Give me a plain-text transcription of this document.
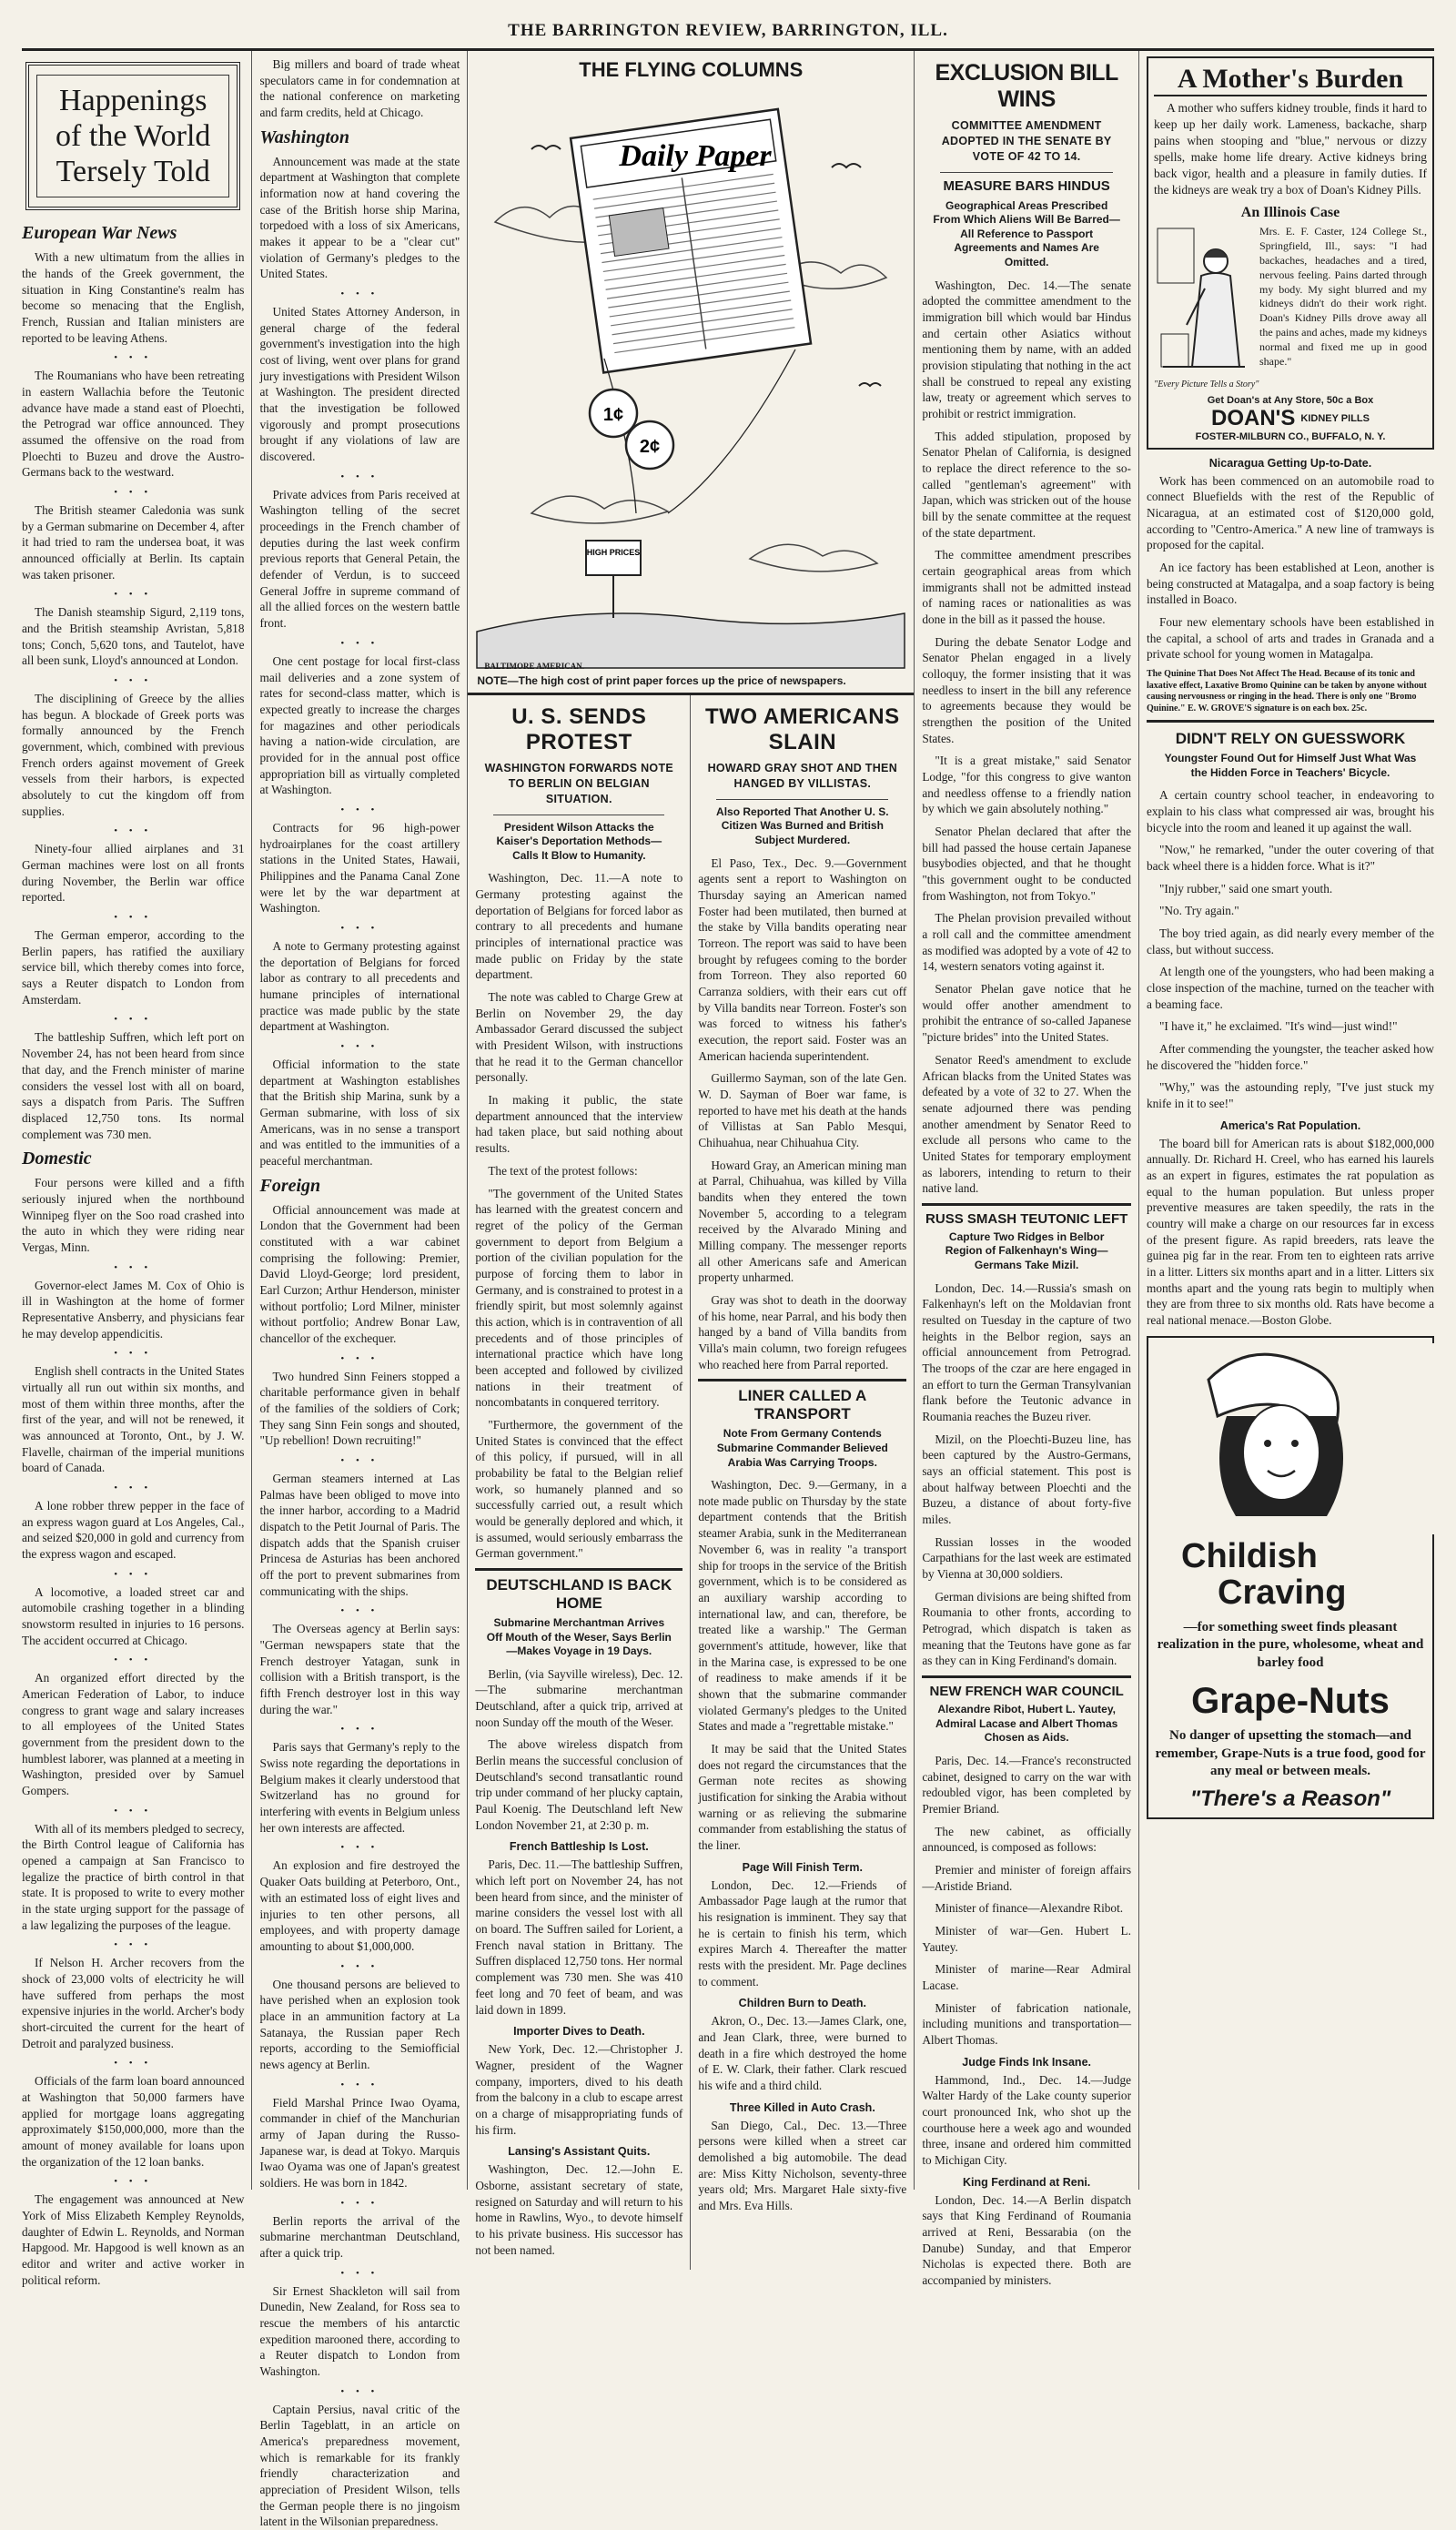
THE BARRINGTON REVIEW, BARRINGTON, ILL.
Happenings
of the World
Tersely Told
European War News

With a new ultimatum from the allies in the hands of the Greek government, the situation in King Constantine's realm has become so menacing that the English, French, Russian and Italian ministers are reported to be leaving Athens.

• • •

The Roumanians who have been retreating in eastern Wallachia before the Teutonic advance have made a stand east of Ploechti, the Petrograd war office announced. They assumed the offensive on the road from Ploechti to Buzeu and drove the Austro-Germans back to the westward.

• • •

The British steamer Caledonia was sunk by a German submarine on December 4, after it had tried to ram the undersea boat, it was announced officially at Berlin. Its captain was taken prisoner.

• • •

The Danish steamship Sigurd, 2,119 tons, and the British steamship Avristan, 5,818 tons; Conch, 5,620 tons, and Tautelot, have all been sunk, Lloyd's announced at London.

• • •

The disciplining of Greece by the allies has begun. A blockade of Greek ports was formally announced by the French government, which, combined with previous French orders against movement of Greek vessels from their harbors, is expected absolutely to cut the kingdom off from supplies.

• • •

Ninety-four allied airplanes and 31 German machines were lost on all fronts during November, the Berlin war office reported.

• • •

The German emperor, according to the Berlin papers, has ratified the auxiliary service bill, which thereby comes into force, says a Reuter dispatch to London from Amsterdam.

• • •

The battleship Suffren, which left port on November 24, has not been heard from since that day, and the French minister of marine considers the vessel lost with all on board, says a dispatch from Paris. The Suffren displaced 12,750 tons. Its normal complement was 730 men.

Domestic

Four persons were killed and a fifth seriously injured when the northbound Winnipeg flyer on the Soo road crashed into the auto in which they were riding near Vergas, Minn.

• • •

Governor-elect James M. Cox of Ohio is ill in Washington at the home of former Representative Ansberry, and physicians fear he may develop appendicitis.

• • •

English shell contracts in the United States virtually all run out within six months, and most of them within three months, after the first of the year, and will not be renewed, it was announced at Toronto, Ont., by J. W. Flavelle, chairman of the imperial munitions board of Canada.

• • •

A lone robber threw pepper in the face of an express wagon guard at Los Angeles, Cal., and seized $20,000 in gold and currency from the express wagon and escaped.

• • •

A locomotive, a loaded street car and automobile crashing together in a blinding snowstorm resulted in injuries to 16 persons. The accident occurred at Chicago.

• • •

An organized effort directed by the American Federation of Labor, to induce congress to grant wage and salary increases to all employees of the United States government from the president down to the humblest laborer, was planned at a meeting in Washington, presided over by Samuel Gompers.

• • •

With all of its members pledged to secrecy, the Birth Control league of California has opened a campaign at San Francisco to legalize the practice of birth control in that state. It is proposed to write to every mother in the state urging support for the passage of a law legalizing the purposes of the league.

• • •

If Nelson H. Archer recovers from the shock of 23,000 volts of electricity he will have suffered from perhaps the most expensive injuries in the world. Archer's body short-circuited the current for the heart of Detroit and paralyzed business.

• • •

Officials of the farm loan board announced at Washington that 50,000 farmers have applied for mortgage loans aggregating approximately $150,000,000, more than the amount of money available for loans upon the organization of the 12 loan banks.

• • •

The engagement was announced at New York of Miss Elizabeth Kempley Reynolds, daughter of Edwin L. Reynolds, and Norman Hapgood. Mr. Hapgood is well known as an editor and writer and active worker in political reform.

Big millers and board of trade wheat speculators came in for condemnation at the national conference on marketing and farm credits, held at Chicago.

Washington

Announcement was made at the state department at Washington that complete information now at hand covering the case of the British horse ship Marina, torpedoed with a loss of six Americans, makes it appear to be a "clear cut" violation of Germany's pledges to the United States.

• • •

United States Attorney Anderson, in general charge of the federal government's investigation into the high cost of living, went over plans for grand jury investigations with President Wilson at Washington. The president directed that the investigation be followed vigorously and prompt prosecutions brought if any violations of law are discovered.

• • •

Private advices from Paris received at Washington telling of the secret proceedings in the French chamber of deputies during the last week confirm previous reports that General Petain, the defender of Verdun, is to succeed General Joffre in supreme command of all the allied forces on the western battle front.

• • •

One cent postage for local first-class mail deliveries and a zone system of rates for second-class matter, which is expected greatly to increase the charges for magazines and other periodicals having a nation-wide circulation, are provided for in the annual post office appropriation bill as virtually completed at Washington.

• • •

Contracts for 96 high-power hydroairplanes for the coast artillery stations in the United States, Hawaii, Philippines and the Panama Canal Zone were let by the war department at Washington.

• • •

A note to Germany protesting against the deportation of Belgians for forced labor as contrary to all precedents and humane principles of international practice was made public by the state department at Washington.

• • •

Official information to the state department at Washington establishes that the British ship Marina, sunk by a German submarine, with loss of six Americans, was in no sense a transport and was entitled to the immunities of a peaceful merchantman.

Foreign

Official announcement was made at London that the Government had been constituted with a war cabinet comprising the following: Premier, David Lloyd-George; lord president, Earl Curzon; Arthur Henderson, minister without portfolio; Lord Milner, minister without portfolio; Andrew Bonar Law, chancellor of the exchequer.

• • •

Two hundred Sinn Feiners stopped a charitable performance given in behalf of the families of the soldiers of Cork; They sang Sinn Fein songs and shouted, "Up rebellion! Down recruiting!"

• • •

German steamers interned at Las Palmas have been obliged to move into the inner harbor, according to a Madrid dispatch to the Petit Journal of Paris. The dispatch adds that the Spanish cruiser Princesa de Asturias has been anchored off the port to prevent submarines from communicating with the ships.

• • •

The Overseas agency at Berlin says: "German newspapers state that the French destroyer Yatagan, sunk in collision with a British transport, is the fifth French destroyer lost in this way during the war."

• • •

Paris says that Germany's reply to the Swiss note regarding the deportations in Belgium makes it clearly understood that Switzerland has no ground for interfering with events in Belgium unless her own interests are affected.

• • •

An explosion and fire destroyed the Quaker Oats building at Peterboro, Ont., with an estimated loss of eight lives and injuries to ten other persons, all employees, and with property damage amounting to about $1,000,000.

• • •

One thousand persons are believed to have perished when an explosion took place in an ammunition factory at La Satanaya, the Russian paper Rech reports, according to the Semiofficial news agency at Berlin.

• • •

Field Marshal Prince Iwao Oyama, commander in chief of the Manchurian army of Japan during the Russo-Japanese war, is dead at Tokyo. Marquis Iwao Oyama was one of Japan's greatest soldiers. He was born in 1842.

• • •

Berlin reports the arrival of the submarine merchantman Deutschland, after a quick trip.

• • •

Sir Ernest Shackleton will sail from Dunedin, New Zealand, for Ross sea to rescue the members of his antarctic expedition marooned there, according to a Reuter dispatch to London from Washington.

• • •

Captain Persius, naval critic of the Berlin Tageblatt, in an article on America's preparedness movement, which is remarkable for its frankly friendly characterization and appreciation of President Wilson, tells the German people there is no jingoism latent in the Wilsonian preparedness.

THE FLYING COLUMNS
Daily Paper
1¢
2¢
HIGH PRICES
BALTIMORE AMERICAN.
NOTE—The high cost of print paper forces up the price of newspapers.
U. S. SENDS PROTEST
WASHINGTON FORWARDS NOTE TO BERLIN ON BELGIAN SITUATION.
President Wilson Attacks the Kaiser's Deportation Methods—Calls It Blow to Humanity.

Washington, Dec. 11.—A note to Germany protesting against the deportation of Belgians for forced labor as contrary to all precedents and humane principles of international practice was made public on Friday by the state department.

The note was cabled to Charge Grew at Berlin on November 29, the day Ambassador Gerard discussed the subject with President Wilson, with instructions that he read it to the German chancellor personally.

In making it public, the state department announced that the interview had taken place, but said nothing about results.

The text of the protest follows:

"The government of the United States has learned with the greatest concern and regret of the policy of the German government to deport from Belgium a portion of the civilian population for the purpose of forcing them to labor in Germany, and is constrained to protest in a friendly spirit, but most solemnly against this action, which is in contravention of all precedents and of those principles of international practice which have long been accepted and followed by civilized nations in their treatment of noncombatants in conquered territory.

"Furthermore, the government of the United States is convinced that the effect of this policy, if pursued, will in all probability be fatal to the Belgian relief work, so humanely planned and so successfully carried out, a result which would be generally deplored and which, it is assumed, would seriously embarrass the German government."

DEUTSCHLAND IS BACK HOME
Submarine Merchantman Arrives Off Mouth of the Weser, Says Berlin—Makes Voyage in 19 Days.

Berlin, (via Sayville wireless), Dec. 12.—The submarine merchantman Deutschland, after a quick trip, arrived at noon Sunday off the mouth of the Weser.

The above wireless dispatch from Berlin means the successful conclusion of Deutschland's second transatlantic round trip under command of her plucky captain, Paul Koenig. The Deutschland left New London November 21, at 2:30 p. m.

French Battleship Is Lost.

Paris, Dec. 11.—The battleship Suffren, which left port on November 24, has not been heard from since, and the minister of marine considers the vessel lost with all on board. The Suffren sailed for Lorient, a French naval station in Brittany. The Suffren displaced 12,750 tons. Her normal complement was 730 men. She was 410 feet long and 70 feet of beam, and was laid down in 1899.

Importer Dives to Death.

New York, Dec. 12.—Christopher J. Wagner, president of the Wagner company, importers, dived to his death from the balcony in a club to escape arrest on a charge of misappropriating funds of his firm.

Lansing's Assistant Quits.

Washington, Dec. 12.—John E. Osborne, assistant secretary of state, resigned on Saturday and will return to his home in Rawlins, Wyo., to devote himself to his private business. His successor has not been named.

TWO AMERICANS SLAIN
HOWARD GRAY SHOT AND THEN HANGED BY VILLISTAS.
Also Reported That Another U. S. Citizen Was Burned and British Subject Murdered.

El Paso, Tex., Dec. 9.—Government agents sent a report to Washington on Thursday saying an American named Foster had been mutilated, then burned at the stake by Villa bandits operating near Torreon. The report was said to have been brought by refugees coming to the border from Torreon. They also reported 60 Carranza soldiers, with their ears cut off by Villa bandits near Torreon. Foster's son was forced to witness his father's execution, the report said. Foster was an American hacienda superintendent.

Guillermo Sayman, son of the late Gen. W. D. Sayman of Boer war fame, is reported to have met his death at the hands of Villistas at San Pablo Mesqui, Chihuahua, near Chihuahua City.

Howard Gray, an American mining man at Parral, Chihuahua, was killed by Villa bandits when they entered the town November 5, according to a telegram received by the Alvarado Mining and Milling company. The messenger reports all other Americans safe and American property unharmed.

Gray was shot to death in the doorway of his home, near Parral, and his body then hanged by a band of Villa bandits from Villa's main column, two foreign refugees who reached here from Parral reported.

LINER CALLED A TRANSPORT
Note From Germany Contends Submarine Commander Believed Arabia Was Carrying Troops.

Washington, Dec. 9.—Germany, in a note made public on Thursday by the state department contends that the British steamer Arabia, sunk in the Mediterranean November 6, was in reality "a transport ship for troops in the service of the British government, which is to be considered as an auxiliary warship according to international law, and can, therefore, be treated like a warship." The German government's attitude, however, like that in the Marina case, is expressed to be one of readiness to make amends if it be shown that the submarine commander violated Germany's pledges to the United States and made a "regrettable mistake."

It may be said that the United States does not regard the circumstances that the German note recites as showing justification for sinking the Arabia without warning or as relieving the submarine commander from establishing the status of the liner.

Page Will Finish Term.

London, Dec. 12.—Friends of Ambassador Page laugh at the rumor that his resignation is imminent. They say that he is certain to finish his term, which expires March 4. Thereafter the matter rests with the president. Mr. Page declines to comment.

Children Burn to Death.

Akron, O., Dec. 13.—James Clark, one, and Jean Clark, three, were burned to death in a fire which destroyed the home of E. W. Clark, their father. Clark rescued his wife and a third child.

Three Killed in Auto Crash.

San Diego, Cal., Dec. 13.—Three persons were killed when a street car demolished a big automobile. The dead are: Miss Kitty Nicholson, seventy-three years old; Mrs. Margaret Hale sixty-five and Mrs. Eva Hills.

EXCLUSION BILL WINS
COMMITTEE AMENDMENT ADOPTED IN THE SENATE BY VOTE OF 42 TO 14.
MEASURE BARS HINDUS
Geographical Areas Prescribed From Which Aliens Will Be Barred—All Reference to Passport Agreements and Names Are Omitted.

Washington, Dec. 14.—The senate adopted the committee amendment to the immigration bill which would bar Hindus and certain other Asiatics without mentioning them by name, with an added provision stipulating that nothing in the act shall be construed to repeal any existing law, treaty or agreement which serves to prohibit or restrict immigration.

This added stipulation, proposed by Senator Phelan of California, is designed to replace the direct reference to the so-called "gentleman's agreement" with Japan, which was stricken out of the house bill by the senate committee at the request of the state department.

The committee amendment prescribes certain geographical areas from which immigrants shall not be admitted instead of naming races or nationalities as was done in the bill as it passed the house.

During the debate Senator Lodge and Senator Phelan engaged in a lively colloquy, the former insisting that it was needless to insert in the bill any reference to agreements because they would be strengthen the position of the United States.

"It is a great mistake," said Senator Lodge, "for this congress to give wanton and needless offense to a friendly nation by which we gain absolutely nothing."

Senator Phelan declared that after the bill had passed the house certain Japanese busybodies objected, and that he thought "this government ought to be conducted from Washington, not from Tokyo."

The Phelan provision prevailed without a roll call and the committee amendment as modified was adopted by a vote of 42 to 14, western senators voting against it.

Senator Phelan gave notice that he would offer another amendment to prohibit the entrance of so-called Japanese "picture brides" into the United States.

Senator Reed's amendment to exclude African blacks from the United States was defeated by a vote of 32 to 27. When the senate adjourned there was pending another amendment by Senator Reed to exclude all persons who came to the United States for temporary employment as laborers, intending to return to their native land.

RUSS SMASH TEUTONIC LEFT
Capture Two Ridges in Belbor Region of Falkenhayn's Wing—Germans Take Mizil.

London, Dec. 14.—Russia's smash on Falkenhayn's left on the Moldavian front resulted on Tuesday in the capture of two heights in the Belbor region, says an official announcement from Petrograd. The troops of the czar are here engaged in an effort to turn the German Transylvanian flank before the Teutonic advance in Roumania reaches the Buzeu river.

Mizil, on the Ploechti-Buzeu line, has been captured by the Austro-Germans, says an official statement. This post is about halfway between Ploechti and the Buzeu, a distance of about forty-five miles.

Russian losses in the wooded Carpathians for the last week are estimated by Vienna at 30,000 soldiers.

German divisions are being shifted from Roumania to other fronts, according to Petrograd, which dispatch is taken as meaning that the Teutons have gone as far as they can in King Ferdinand's domain.

NEW FRENCH WAR COUNCIL
Alexandre Ribot, Hubert L. Yautey, Admiral Lacase and Albert Thomas Chosen as Aids.

Paris, Dec. 14.—France's reconstructed cabinet, designed to carry on the war with redoubled vigor, has been completed by Premier Briand.

The new cabinet, as officially announced, is composed as follows:

Premier and minister of foreign affairs—Aristide Briand.

Minister of finance—Alexandre Ribot.

Minister of war—Gen. Hubert L. Yautey.

Minister of marine—Rear Admiral Lacase.

Minister of fabrication nationale, including munitions and transportation—Albert Thomas.

Judge Finds Ink Insane.

Hammond, Ind., Dec. 14.—Judge Walter Hardy of the Lake county superior court pronounced Ink, who shot up the courthouse here a week ago and wounded three, insane and ordered him committed to Michigan City.

King Ferdinand at Reni.

London, Dec. 14.—A Berlin dispatch says that King Ferdinand of Roumania arrived at Reni, Bessarabia (on the Danube) Sunday, and that Emperor Nicholas is expected there. Both are accompanied by ministers.

A Mother's Burden

A mother who suffers kidney trouble, finds it hard to keep up her daily work. Lameness, backache, sharp pains when stooping and "blue," nervous or dizzy spells, make home life dreary. Active kidneys bring back vigor, health and a pleasure in family duties. If the kidneys are weak try a box of Doan's Kidney Pills.

An Illinois Case

Mrs. E. F. Caster, 124 College St., Springfield, Ill., says: "I had backaches, headaches and a tired, nervous feeling. Pains darted through my body. My sight blurred and my kidneys didn't do their work right. Doan's Kidney Pills drove away all the pains and aches, made my kidneys normal and fixed me up in good shape."

"Every Picture Tells a Story"
Get Doan's at Any Store, 50c a Box
DOAN'S KIDNEY PILLS
FOSTER-MILBURN CO., BUFFALO, N. Y.
Nicaragua Getting Up-to-Date.

Work has been commenced on an automobile road to connect Bluefields with the rest of the Republic of Nicaragua, at an estimated cost of $120,000 gold, according to "Centro-America." A new line of tramways is proposed for the capital.

An ice factory has been established at Leon, another is being constructed at Matagalpa, and a soap factory is being installed in Boaco.

Four new elementary schools have been established in the capital, a school of arts and trades in Granada and a private school for young women in Matagalpa.

The Quinine That Does Not Affect The Head. Because of its tonic and laxative effect, Laxative Bromo Quinine can be taken by anyone without causing nervousness or ringing in the head. There is only one "Bromo Quinine." E. W. GROVE'S signature is on each box. 25c.
DIDN'T RELY ON GUESSWORK
Youngster Found Out for Himself Just What Was the Hidden Force in Teachers' Bicycle.

A certain country school teacher, in endeavoring to explain to his class what compressed air was, brought his bicycle into the room and leaned it up against the wall.

"Now," he remarked, "under the outer covering of that back wheel there is a hidden force. What is it?"

"Injy rubber," said one smart youth.

"No. Try again."

The boy tried again, as did nearly every member of the class, but without success.

At length one of the youngsters, who had been making a close inspection of the machine, turned on the teacher with a beaming face.

"I have it," he exclaimed. "It's wind—just wind!"

After commending the youngster, the teacher asked how he discovered the "hidden force."

"Why," was the astounding reply, "I've just stuck my knife in it to see!"

America's Rat Population.

The board bill for American rats is about $182,000,000 annually. Dr. Richard H. Creel, who has earned his laurels as an expert in figures, estimates the rat population as equal to the human population. But unless proper preventive measures are taken speedily, the rats in the country will make a charge on our resources far in excess of the present figure. As rapid breeders, rats leave the guinea pig far in the rear. From ten to eighteen rats arrive in a litter. Litters six months apart and in a litter. Litters six months apart and the young rats begin to multiply when they are from three to six months old. Rats have become a real national menace.—Boston Globe.

Childish
Craving
—for something sweet finds pleasant realization in the pure, wholesome, wheat and barley food
Grape-Nuts
No danger of upsetting the stomach—and remember, Grape-Nuts is a true food, good for any meal or between meals.
"There's a Reason"
